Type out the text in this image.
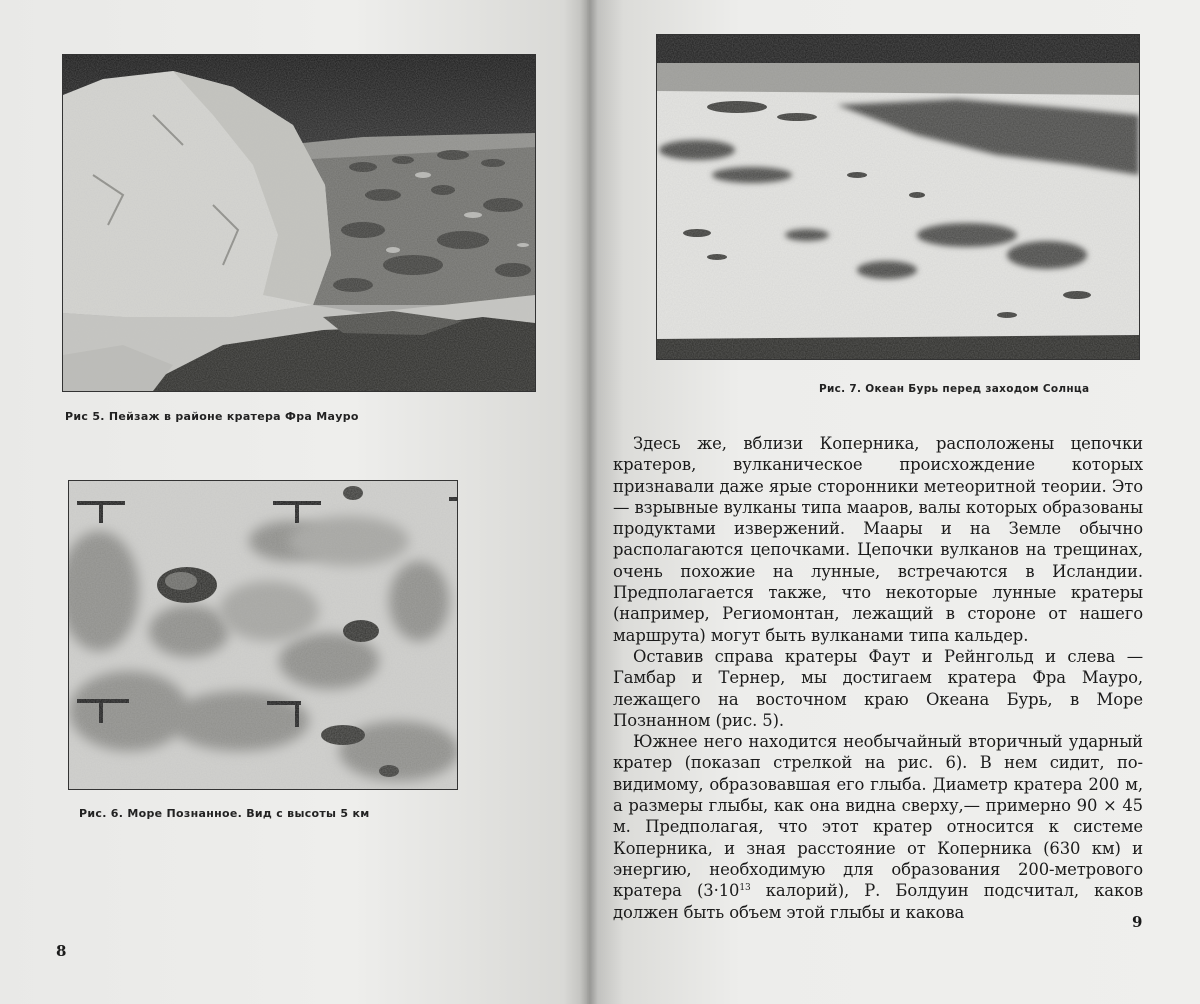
Рис 5. Пейзаж в районе кратера Фра Мауро
Рис. 6. Море Познанное. Вид с высоты 5 км
8
Рис. 7. Океан Бурь перед заходом Солнца
9

Здесь же, вблизи Коперника, расположены цепочки кратеров, вулканическое происхождение которых признавали даже ярые сторонники метеоритной теории. Это — взрывные вулканы типа мааров, валы которых образованы продуктами извержений. Маары и на Земле обычно располагаются цепочками. Цепочки вулканов на трещинах, очень похожие на лунные, встречаются в Исландии. Предполагается также, что некоторые лунные кратеры (например, Региомонтан, лежащий в стороне от нашего маршрута) могут быть вулканами типа кальдер.

Оставив справа кратеры Фаут и Рейнгольд и слева — Гамбар и Тернер, мы достигаем кратера Фра Мауро, лежащего на восточном краю Океана Бурь, в Море Познанном (рис. 5).

Южнее него находится необычайный вторичный ударный кратер (показап стрелкой на рис. 6). В нем сидит, по-видимому, образовавшая его глыба. Диаметр кратера 200 м, а размеры глыбы, как она видна сверху,— примерно 90 × 45 м. Предполагая, что этот кратер относится к системе Коперника, и зная расстояние от Коперника (630 км) и энергию, необходимую для образования 200-метрового кратера ($3\cdot 10^{13}$ калорий), Р. Болдуин подсчитал, каков должен быть объем этой глыбы и какова
